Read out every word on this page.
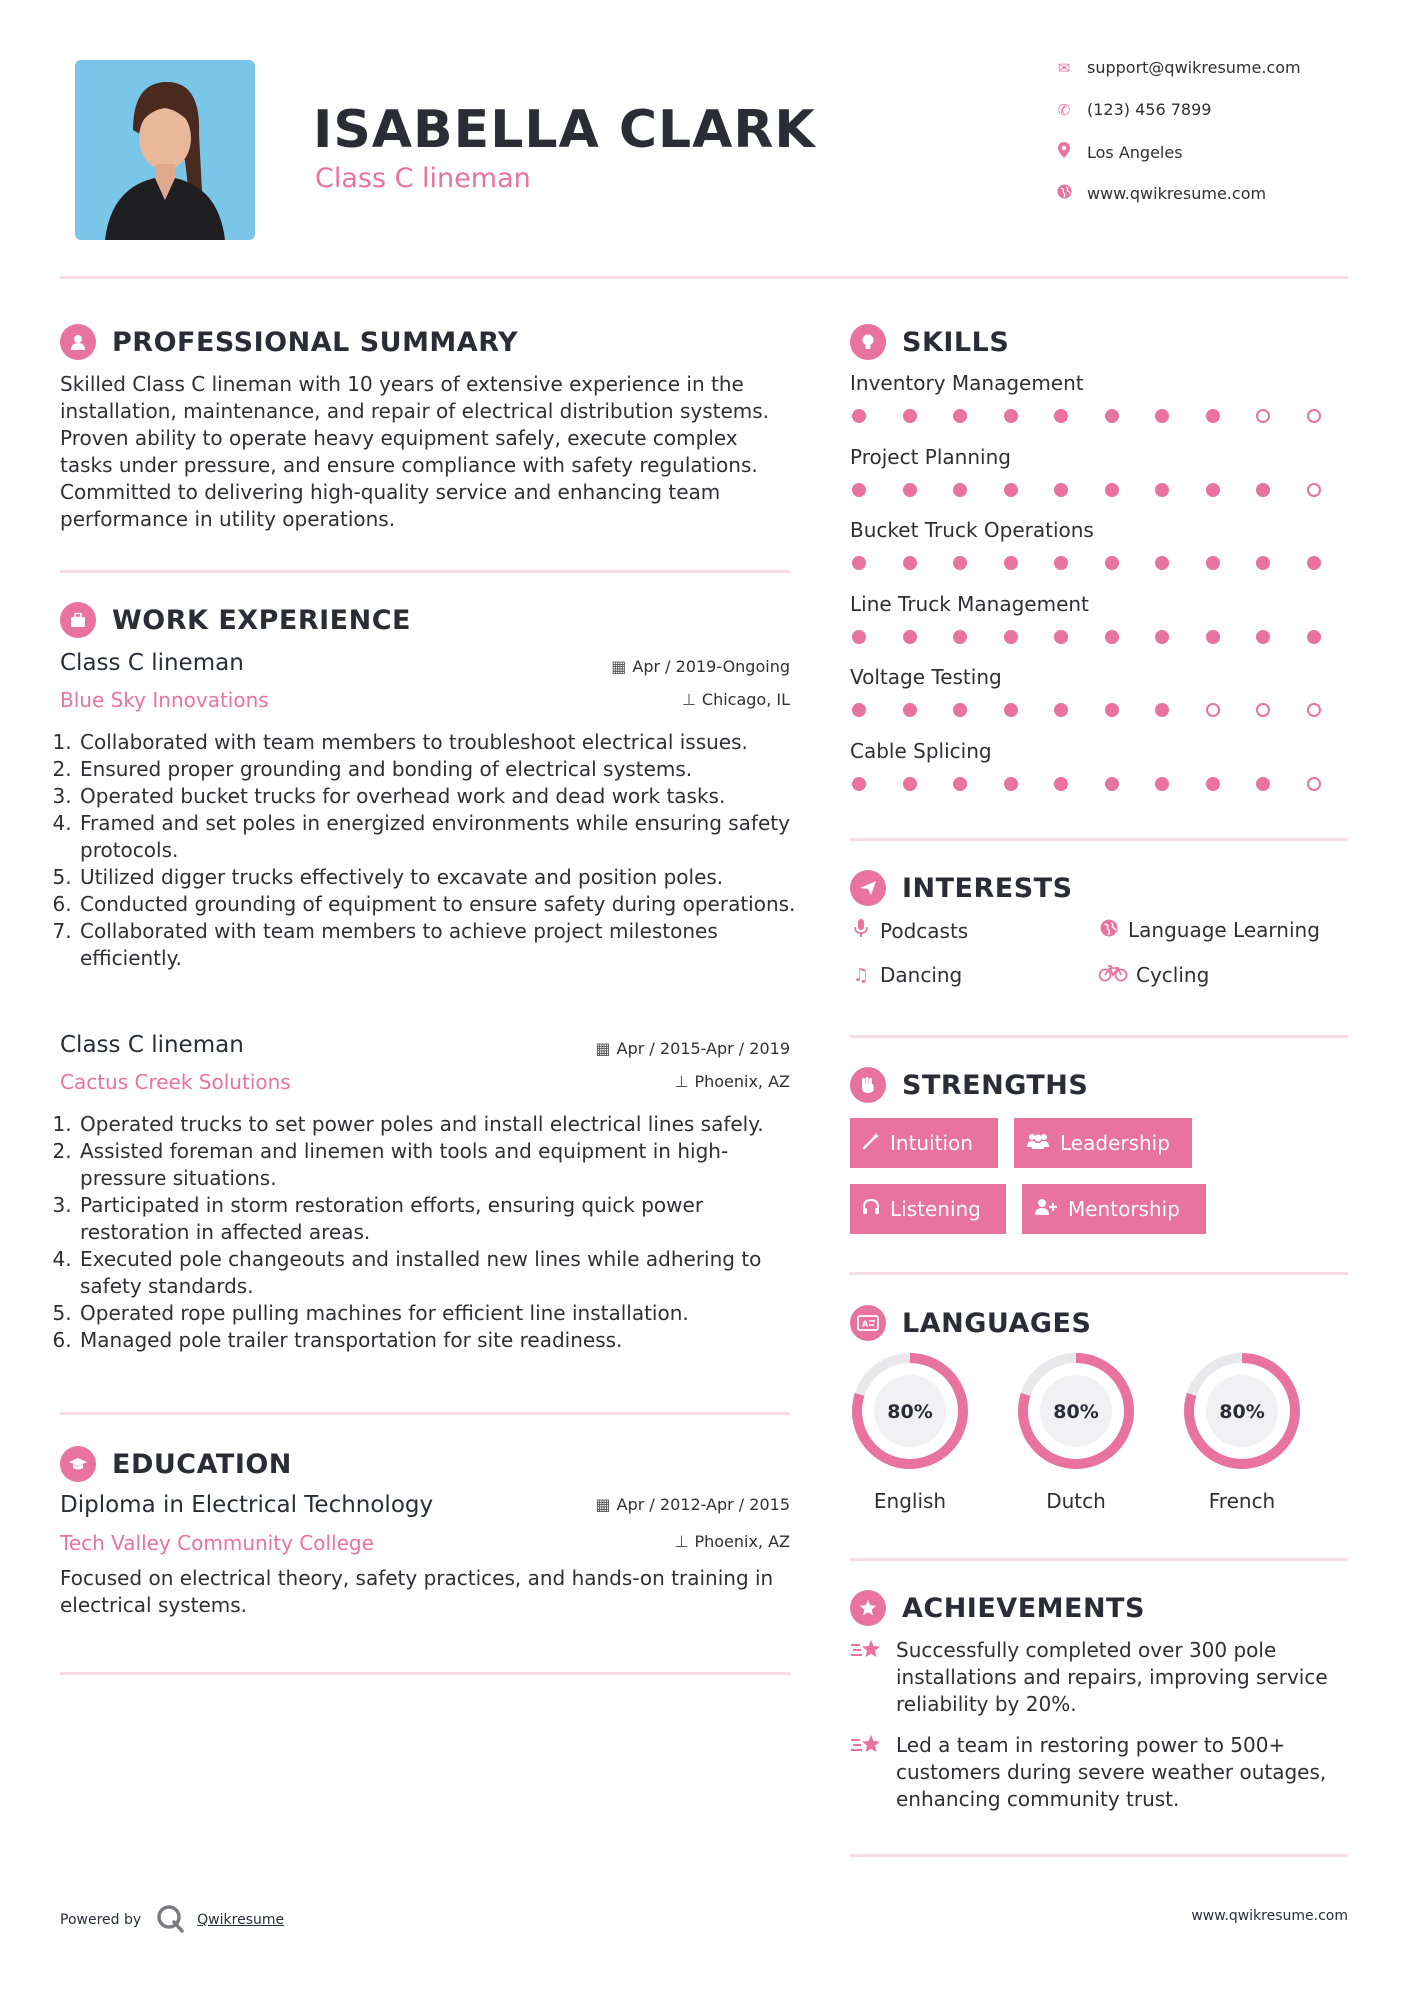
ISABELLA CLARK
Class C lineman
✉ support@qwikresume.com
✆ (123) 456 7899
Los Angeles
www.qwikresume.com
PROFESSIONAL SUMMARY
Skilled Class C lineman with 10 years of extensive experience in the installation, maintenance, and repair of electrical distribution systems. Proven ability to operate heavy equipment safely, execute complex tasks under pressure, and ensure compliance with safety regulations. Committed to delivering high-quality service and enhancing team performance in utility operations.
WORK EXPERIENCE
Class C lineman	▦ Apr / 2019-Ongoing
Blue Sky Innovations	⊥ Chicago, IL
1. Collaborated with team members to troubleshoot electrical issues.
2. Ensured proper grounding and bonding of electrical systems.
3. Operated bucket trucks for overhead work and dead work tasks.
4. Framed and set poles in energized environments while ensuring safety protocols.
5. Utilized digger trucks effectively to excavate and position poles.
6. Conducted grounding of equipment to ensure safety during operations.
7. Collaborated with team members to achieve project milestones efficiently.
Class C lineman	▦ Apr / 2015-Apr / 2019
Cactus Creek Solutions	⊥ Phoenix, AZ
1. Operated trucks to set power poles and install electrical lines safely.
2. Assisted foreman and linemen with tools and equipment in high-pressure situations.
3. Participated in storm restoration efforts, ensuring quick power restoration in affected areas.
4. Executed pole changeouts and installed new lines while adhering to safety standards.
5. Operated rope pulling machines for efficient line installation.
6. Managed pole trailer transportation for site readiness.
EDUCATION
Diploma in Electrical Technology	▦ Apr / 2012-Apr / 2015
Tech Valley Community College	⊥ Phoenix, AZ
Focused on electrical theory, safety practices, and hands-on training in electrical systems.
SKILLS
Inventory Management
Project Planning
Bucket Truck Operations
Line Truck Management
Voltage Testing
Cable Splicing
INTERESTS
Podcasts	Language Learning
♫ Dancing	Cycling
STRENGTHS
Intuition	Leadership
Listening	Mentorship
A LANGUAGES
80%
English
80%
Dutch
80%
French
ACHIEVEMENTS
Successfully completed over 300 pole installations and repairs, improving service reliability by 20%.
Led a team in restoring power to 500+ customers during severe weather outages, enhancing community trust.
Powered by	Qwikresume	www.qwikresume.com
